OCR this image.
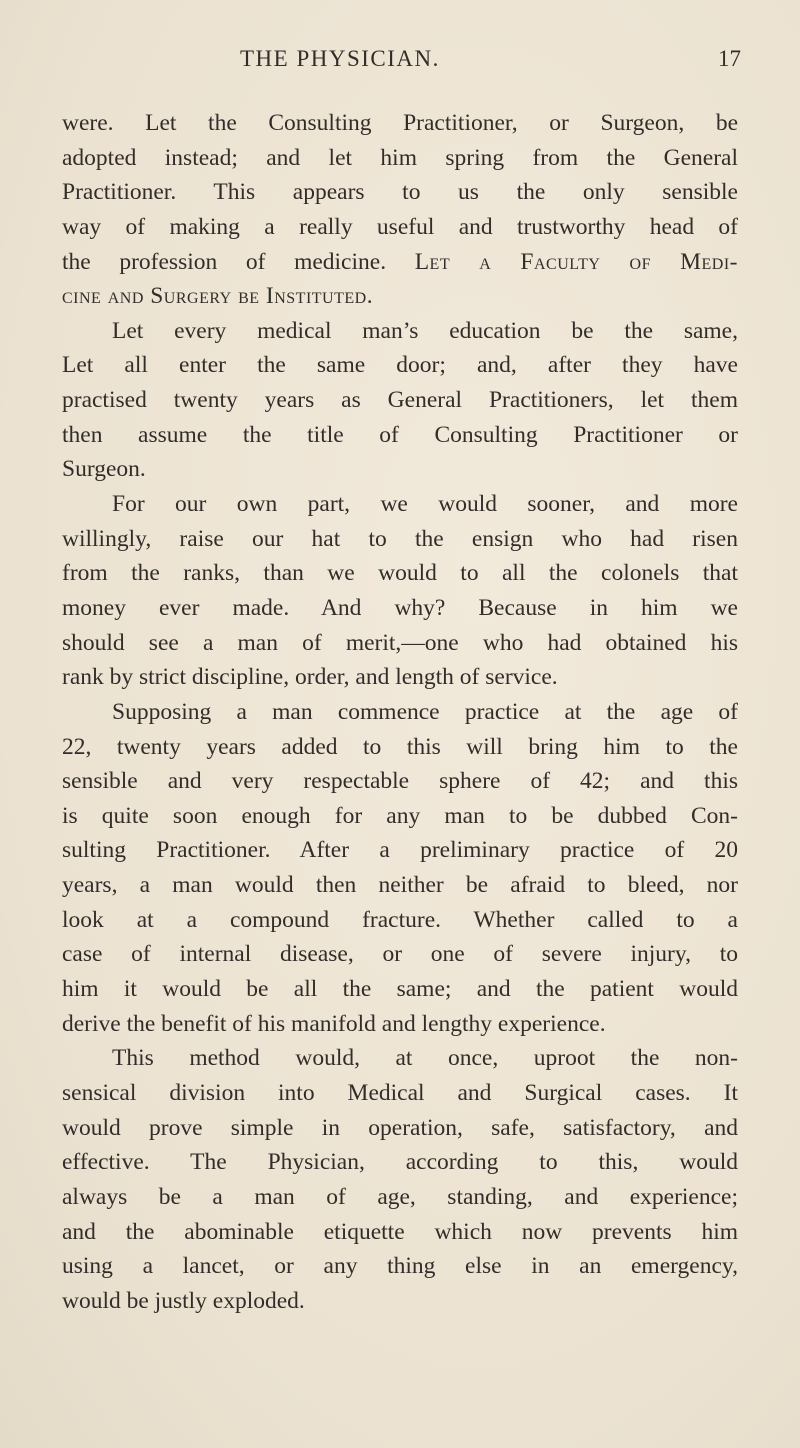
THE PHYSICIAN.	17
were. Let the Consulting Practitioner, or Surgeon, be
adopted instead; and let him spring from the General
Practitioner. This appears to us the only sensible
way of making a really useful and trustworthy head of
the profession of medicine. Let a Faculty of Medi-
cine and Surgery be Instituted.
Let every medical man’s education be the same,
Let all enter the same door; and, after they have
practised twenty years as General Practitioners, let them
then assume the title of Consulting Practitioner or
Surgeon.
For our own part, we would sooner, and more
willingly, raise our hat to the ensign who had risen
from the ranks, than we would to all the colonels that
money ever made. And why? Because in him we
should see a man of merit,—one who had obtained his
rank by strict discipline, order, and length of service.
Supposing a man commence practice at the age of
22, twenty years added to this will bring him to the
sensible and very respectable sphere of 42; and this
is quite soon enough for any man to be dubbed Con-
sulting Practitioner. After a preliminary practice of 20
years, a man would then neither be afraid to bleed, nor
look at a compound fracture. Whether called to a
case of internal disease, or one of severe injury, to
him it would be all the same; and the patient would
derive the benefit of his manifold and lengthy experience.
This method would, at once, uproot the non-
sensical division into Medical and Surgical cases. It
would prove simple in operation, safe, satisfactory, and
effective. The Physician, according to this, would
always be a man of age, standing, and experience;
and the abominable etiquette which now prevents him
using a lancet, or any thing else in an emergency,
would be justly exploded.
